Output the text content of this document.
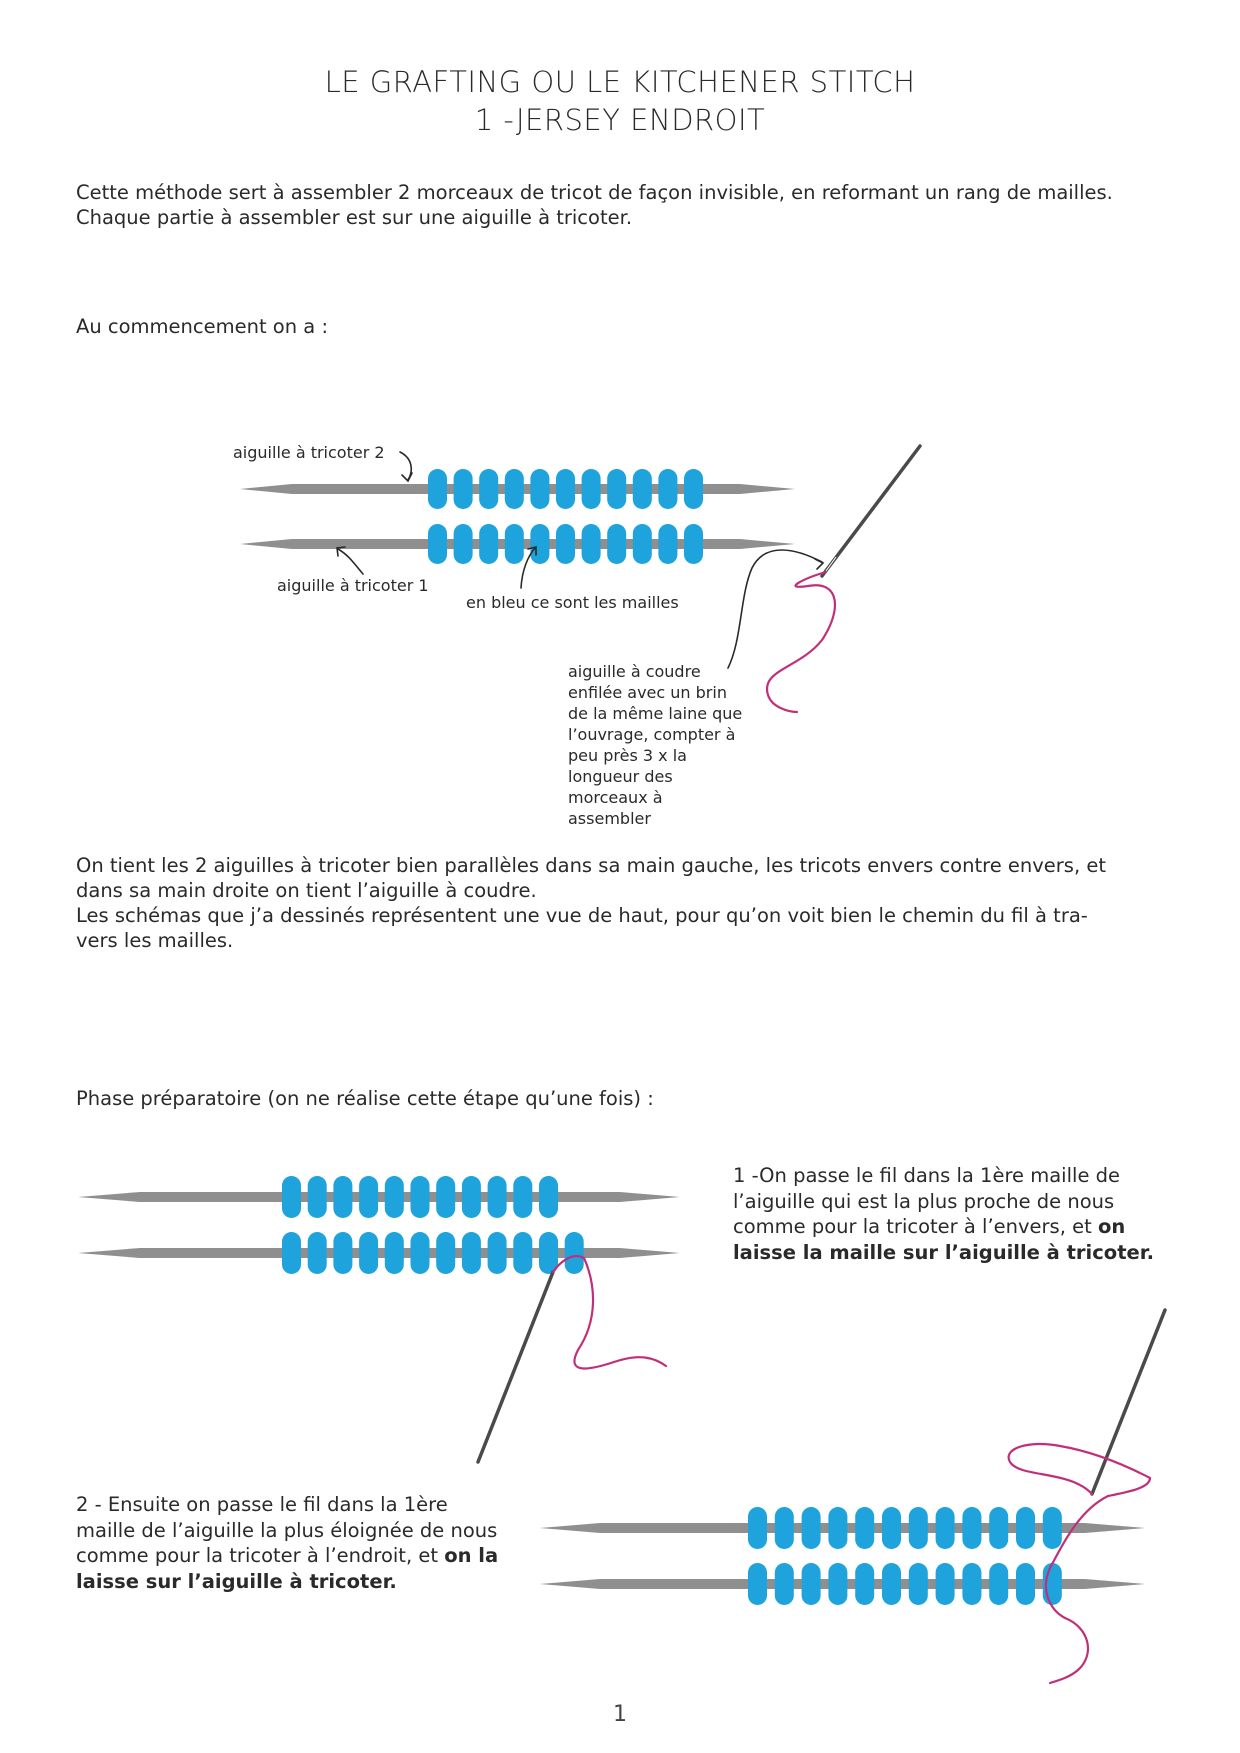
LE GRAFTING OU LE KITCHENER STITCH
1 -JERSEY ENDROIT

Cette méthode sert à assembler 2 morceaux de tricot de façon invisible, en reformant un rang de mailles.

Chaque partie à assembler est sur une aiguille à tricoter.

Au commencement on a :
aiguille à tricoter 2
aiguille à tricoter 1
en bleu ce sont les mailles
aiguille à coudre
enfilée avec un brin
de la même laine que
l’ouvrage, compter à
peu près 3 x la
longueur des
morceaux à
assembler

On tient les 2 aiguilles à tricoter bien parallèles dans sa main gauche, les tricots envers contre envers, et

dans sa main droite on tient l’aiguille à coudre.

Les schémas que j’a dessinés représentent une vue de haut, pour qu’on voit bien le chemin du fil à tra-

vers les mailles.

Phase préparatoire (on ne réalise cette étape qu’une fois) :
1 -On passe le fil dans la 1ère maille de
l’aiguille qui est la plus proche de nous
comme pour la tricoter à l’envers, et on
laisse la maille sur l’aiguille à tricoter.
2 - Ensuite on passe le fil dans la 1ère
maille de l’aiguille la plus éloignée de nous
comme pour la tricoter à l’endroit, et on la
laisse sur l’aiguille à tricoter.
1
